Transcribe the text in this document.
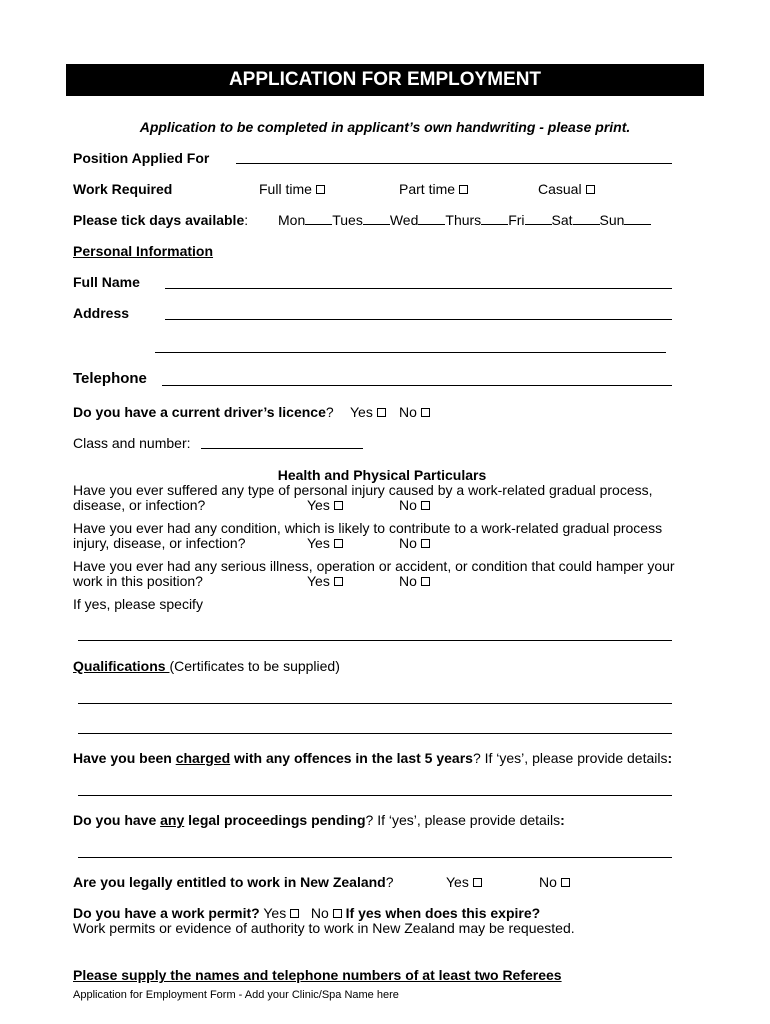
APPLICATION FOR EMPLOYMENT
Application to be completed in applicant’s own handwriting - please print.
Position Applied For
Work Required	Full time	Part time	Casual
Please tick days available: Mon Tues Wed Thurs Fri Sat Sun
Personal Information
Full Name
Address
Telephone
Do you have a current driver’s licence? Yes	No
Class and number:
Health and Physical Particulars
Have you ever suffered any type of personal injury caused by a work-related gradual process,
disease, or infection?	Yes	No
Have you ever had any condition, which is likely to contribute to a work-related gradual process
injury, disease, or infection?	Yes	No
Have you ever had any serious illness, operation or accident, or condition that could hamper your
work in this position?	Yes	No
If yes, please specify
Qualifications (Certificates to be supplied)
Have you been charged with any offences in the last 5 years? If ‘yes’, please provide details:
Do you have any legal proceedings pending? If ‘yes’, please provide details:
Are you legally entitled to work in New Zealand?	Yes	No
Do you have a work permit? Yes No If yes when does this expire?
Work permits or evidence of authority to work in New Zealand may be requested.
Please supply the names and telephone numbers of at least two Referees
Application for Employment Form - Add your Clinic/Spa Name here
